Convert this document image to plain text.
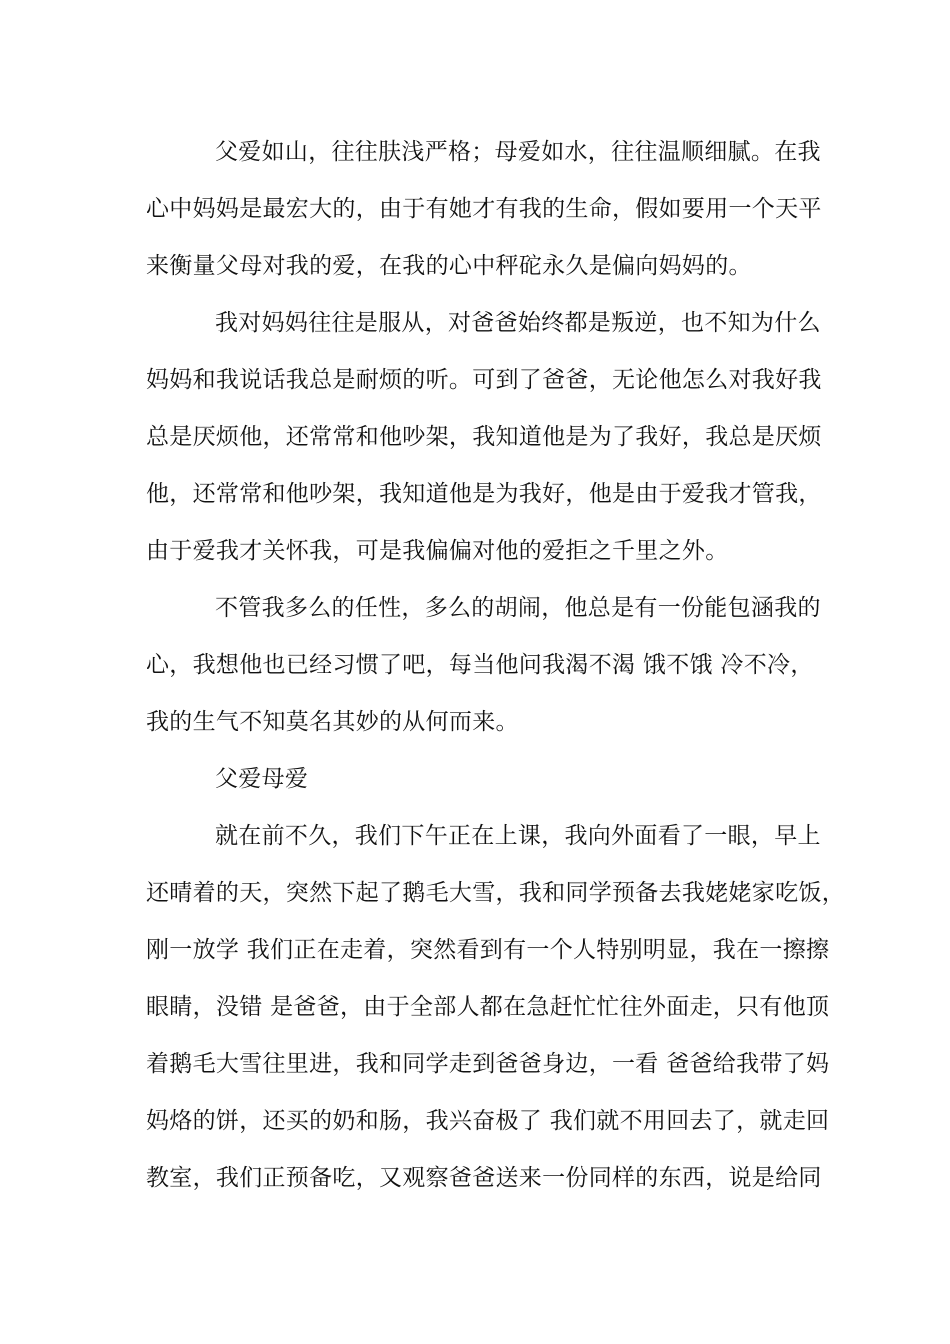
父爱如山，往往肤浅严格；母爱如水，往往温顺细腻。在我
心中妈妈是最宏大的，由于有她才有我的生命，假如要用一个天平
来衡量父母对我的爱，在我的心中秤砣永久是偏向妈妈的。
我对妈妈往往是服从，对爸爸始终都是叛逆，也不知为什么
妈妈和我说话我总是耐烦的听。可到了爸爸，无论他怎么对我好我
总是厌烦他，还常常和他吵架，我知道他是为了我好，我总是厌烦
他，还常常和他吵架，我知道他是为我好，他是由于爱我才管我，
由于爱我才关怀我，可是我偏偏对他的爱拒之千里之外。
不管我多么的任性，多么的胡闹，他总是有一份能包涵我的
心，我想他也已经习惯了吧，每当他问我渴不渴 饿不饿 冷不冷，
我的生气不知莫名其妙的从何而来。
父爱母爱
就在前不久，我们下午正在上课，我向外面看了一眼，早上
还晴着的天，突然下起了鹅毛大雪，我和同学预备去我姥姥家吃饭，
刚一放学 我们正在走着，突然看到有一个人特别明显，我在一擦擦
眼睛，没错 是爸爸，由于全部人都在急赶忙忙往外面走，只有他顶
着鹅毛大雪往里进，我和同学走到爸爸身边，一看 爸爸给我带了妈
妈烙的饼，还买的奶和肠，我兴奋极了 我们就不用回去了，就走回
教室，我们正预备吃，又观察爸爸送来一份同样的东西，说是给同
